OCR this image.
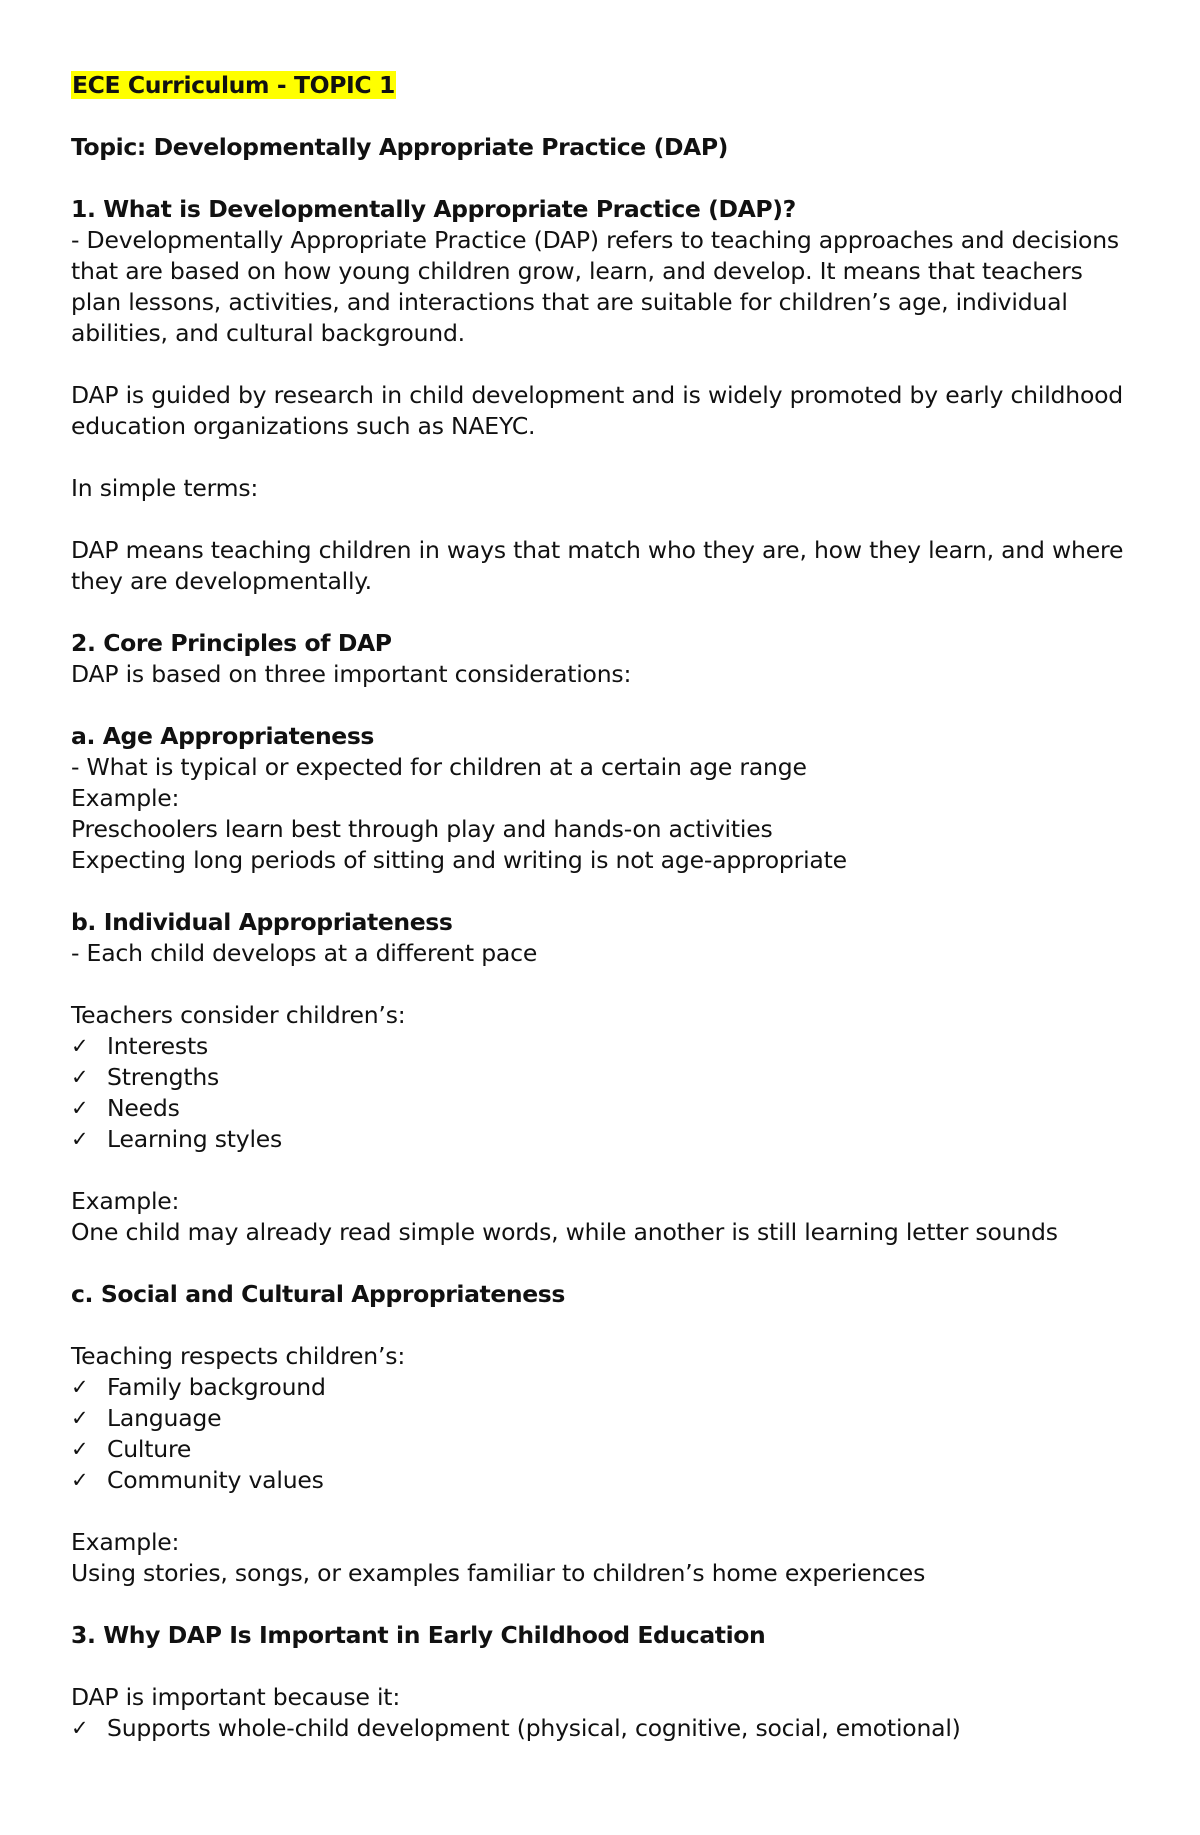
ECE Curriculum - TOPIC 1
Topic: Developmentally Appropriate Practice (DAP)
1. What is Developmentally Appropriate Practice (DAP)?
- Developmentally Appropriate Practice (DAP) refers to teaching approaches and decisions
that are based on how young children grow, learn, and develop. It means that teachers
plan lessons, activities, and interactions that are suitable for children’s age, individual
abilities, and cultural background.
DAP is guided by research in child development and is widely promoted by early childhood
education organizations such as NAEYC.
In simple terms:
DAP means teaching children in ways that match who they are, how they learn, and where
they are developmentally.
2. Core Principles of DAP
DAP is based on three important considerations:
a. Age Appropriateness
- What is typical or expected for children at a certain age range
Example:
Preschoolers learn best through play and hands-on activities
Expecting long periods of sitting and writing is not age-appropriate
b. Individual Appropriateness
- Each child develops at a different pace
Teachers consider children’s:
✓ Interests
✓ Strengths
✓ Needs
✓ Learning styles
Example:
One child may already read simple words, while another is still learning letter sounds
c. Social and Cultural Appropriateness
Teaching respects children’s:
✓ Family background
✓ Language
✓ Culture
✓ Community values
Example:
Using stories, songs, or examples familiar to children’s home experiences
3. Why DAP Is Important in Early Childhood Education
DAP is important because it:
✓ Supports whole-child development (physical, cognitive, social, emotional)
